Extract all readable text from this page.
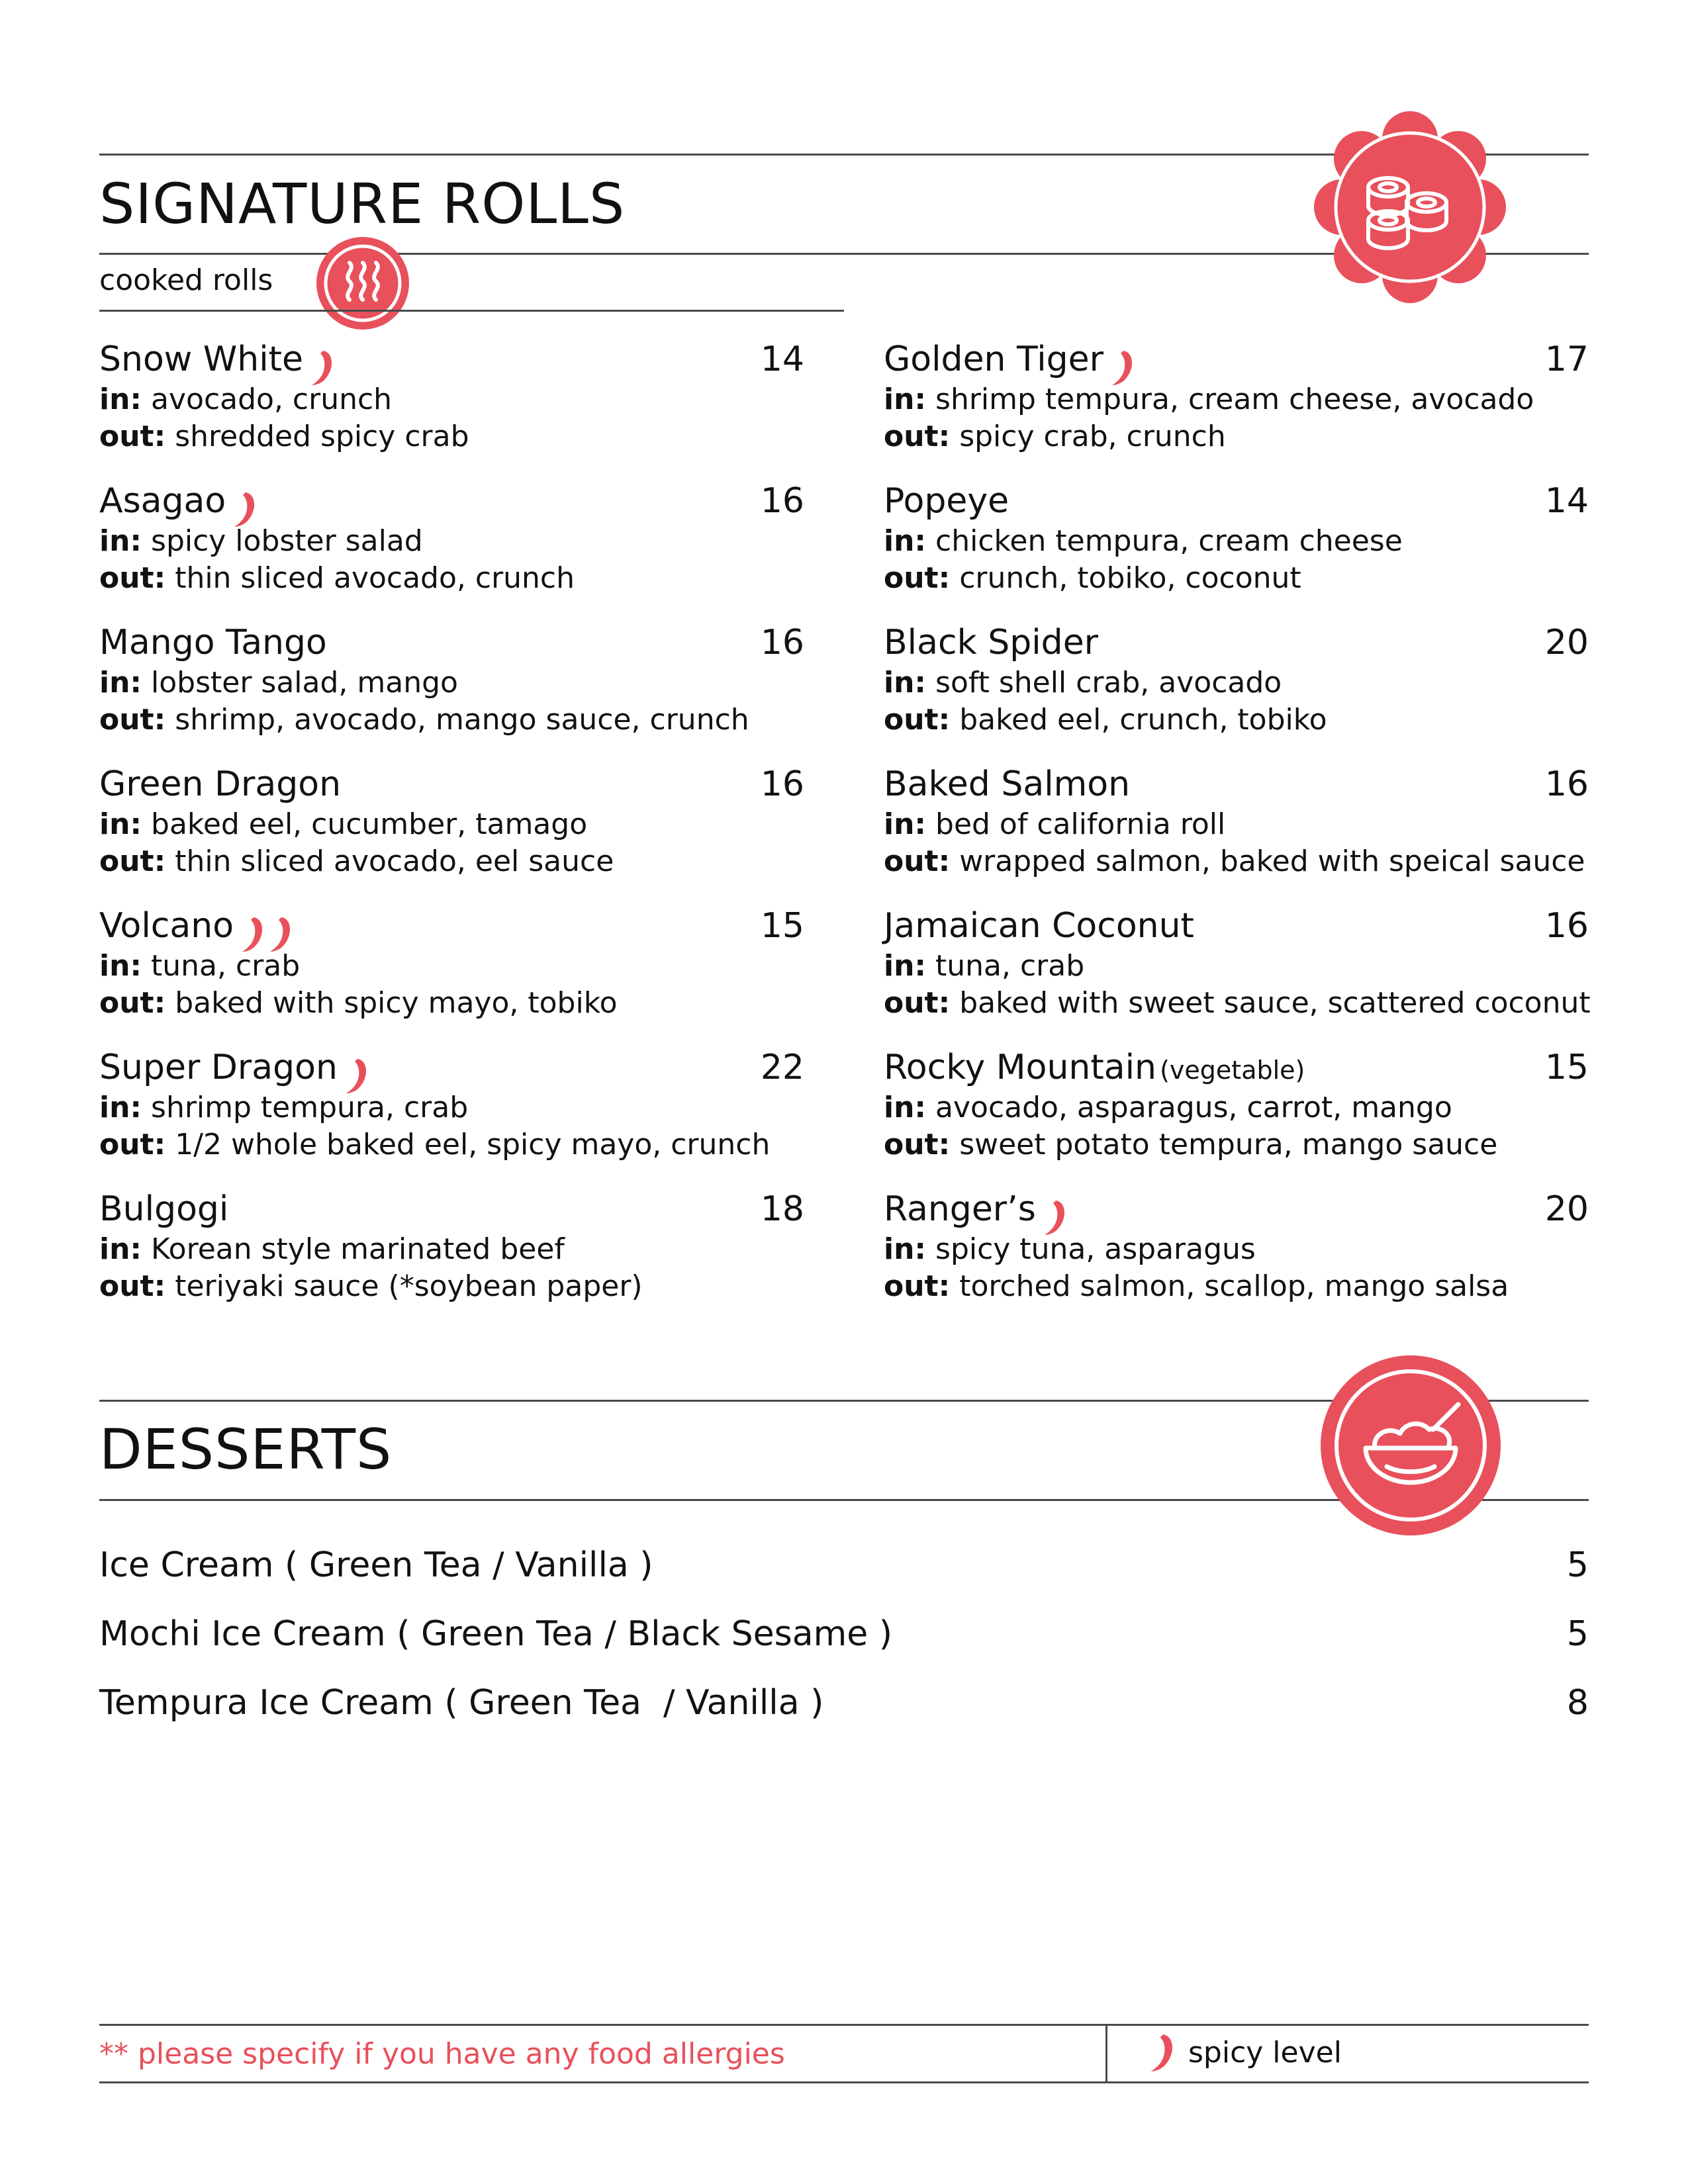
SIGNATURE ROLLS
cooked rolls
Snow White	14
in: avocado, crunch
out: shredded spicy crab
Asagao	16
in: spicy lobster salad
out: thin sliced avocado, crunch
Mango Tango	16
in: lobster salad, mango
out: shrimp, avocado, mango sauce, crunch
Green Dragon	16
in: baked eel, cucumber, tamago
out: thin sliced avocado, eel sauce
Volcano	15
in: tuna, crab
out: baked with spicy mayo, tobiko
Super Dragon	22
in: shrimp tempura, crab
out: 1/2 whole baked eel, spicy mayo, crunch
Bulgogi	18
in: Korean style marinated beef
out: teriyaki sauce (*soybean paper)
Golden Tiger	17
in: shrimp tempura, cream cheese, avocado
out: spicy crab, crunch
Popeye	14
in: chicken tempura, cream cheese
out: crunch, tobiko, coconut
Black Spider	20
in: soft shell crab, avocado
out: baked eel, crunch, tobiko
Baked Salmon	16
in: bed of california roll
out: wrapped salmon, baked with speical sauce
Jamaican Coconut	16
in: tuna, crab
out: baked with sweet sauce, scattered coconut
Rocky Mountain (vegetable)	15
in: avocado, asparagus, carrot, mango
out: sweet potato tempura, mango sauce
Ranger’s	20
in: spicy tuna, asparagus
out: torched salmon, scallop, mango salsa
DESSERTS
Ice Cream ( Green Tea / Vanilla )	5
Mochi Ice Cream ( Green Tea / Black Sesame )	5
Tempura Ice Cream ( Green Tea  / Vanilla )	8
** please specify if you have any food allergies	spicy level
